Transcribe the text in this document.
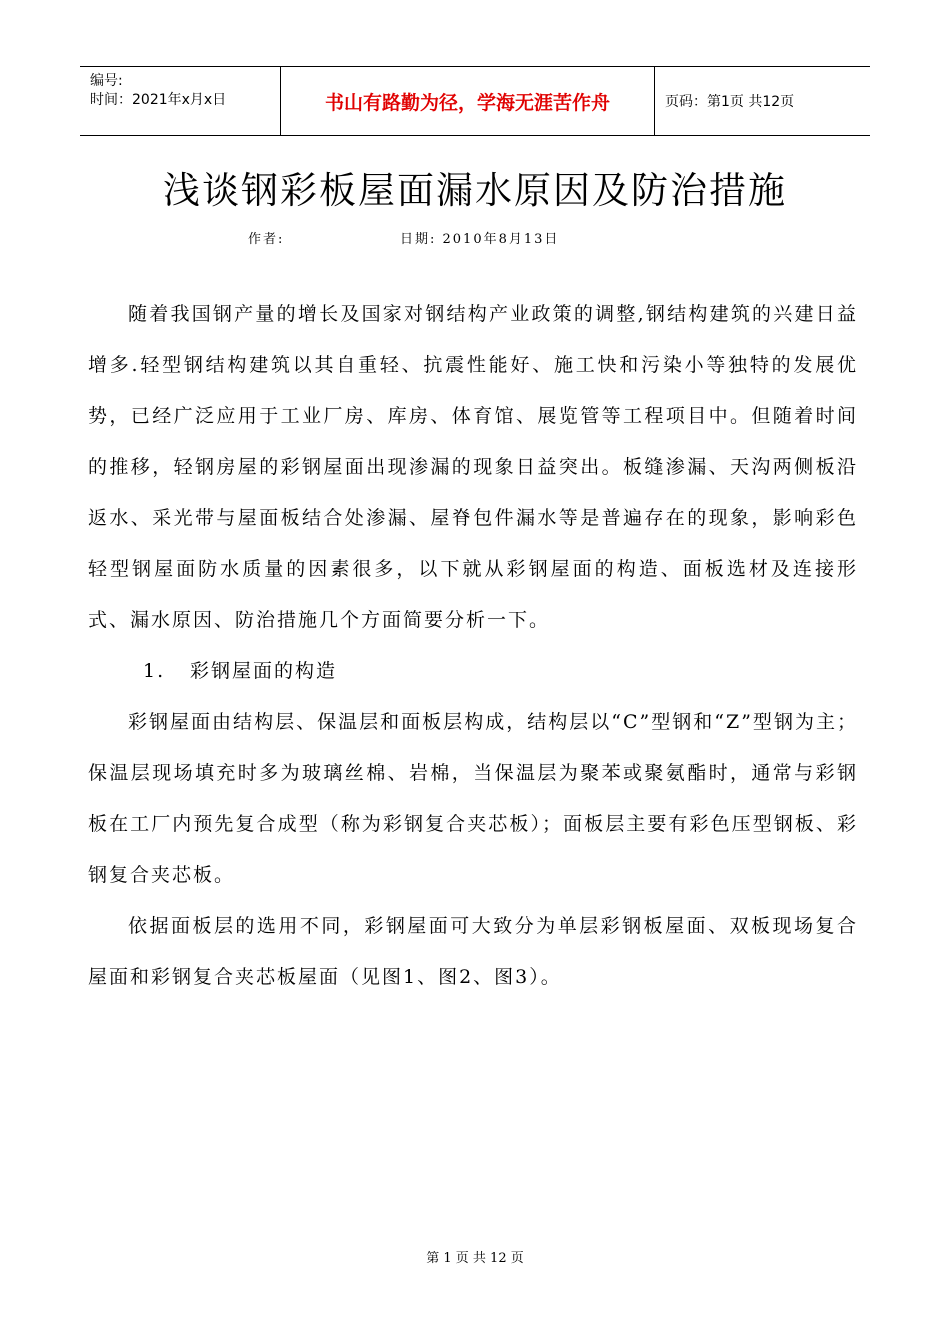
编号:
时间：2021年x月x日	书山有路勤为径，学海无涯苦作舟	页码：第1页 共12页
浅谈钢彩板屋面漏水原因及防治措施
作者:	日期: 2010年8月13日

随着我国钢产量的增长及国家对钢结构产业政策的调整,钢结构建筑的兴建日益增多.轻型钢结构建筑以其自重轻、抗震性能好、施工快和污染小等独特的发展优势，已经广泛应用于工业厂房、库房、体育馆、展览管等工程项目中。但随着时间的推移，轻钢房屋的彩钢屋面出现渗漏的现象日益突出。板缝渗漏、天沟两侧板沿返水、采光带与屋面板结合处渗漏、屋脊包件漏水等是普遍存在的现象，影响彩色轻型钢屋面防水质量的因素很多，以下就从彩钢屋面的构造、面板选材及连接形式、漏水原因、防治措施几个方面简要分析一下。

1. 彩钢屋面的构造

彩钢屋面由结构层、保温层和面板层构成，结构层以“C”型钢和“Z”型钢为主；保温层现场填充时多为玻璃丝棉、岩棉，当保温层为聚苯或聚氨酯时，通常与彩钢板在工厂内预先复合成型（称为彩钢复合夹芯板）；面板层主要有彩色压型钢板、彩钢复合夹芯板。

依据面板层的选用不同，彩钢屋面可大致分为单层彩钢板屋面、双板现场复合屋面和彩钢复合夹芯板屋面（见图1、图2、图3）。

第 1 页 共 12 页
